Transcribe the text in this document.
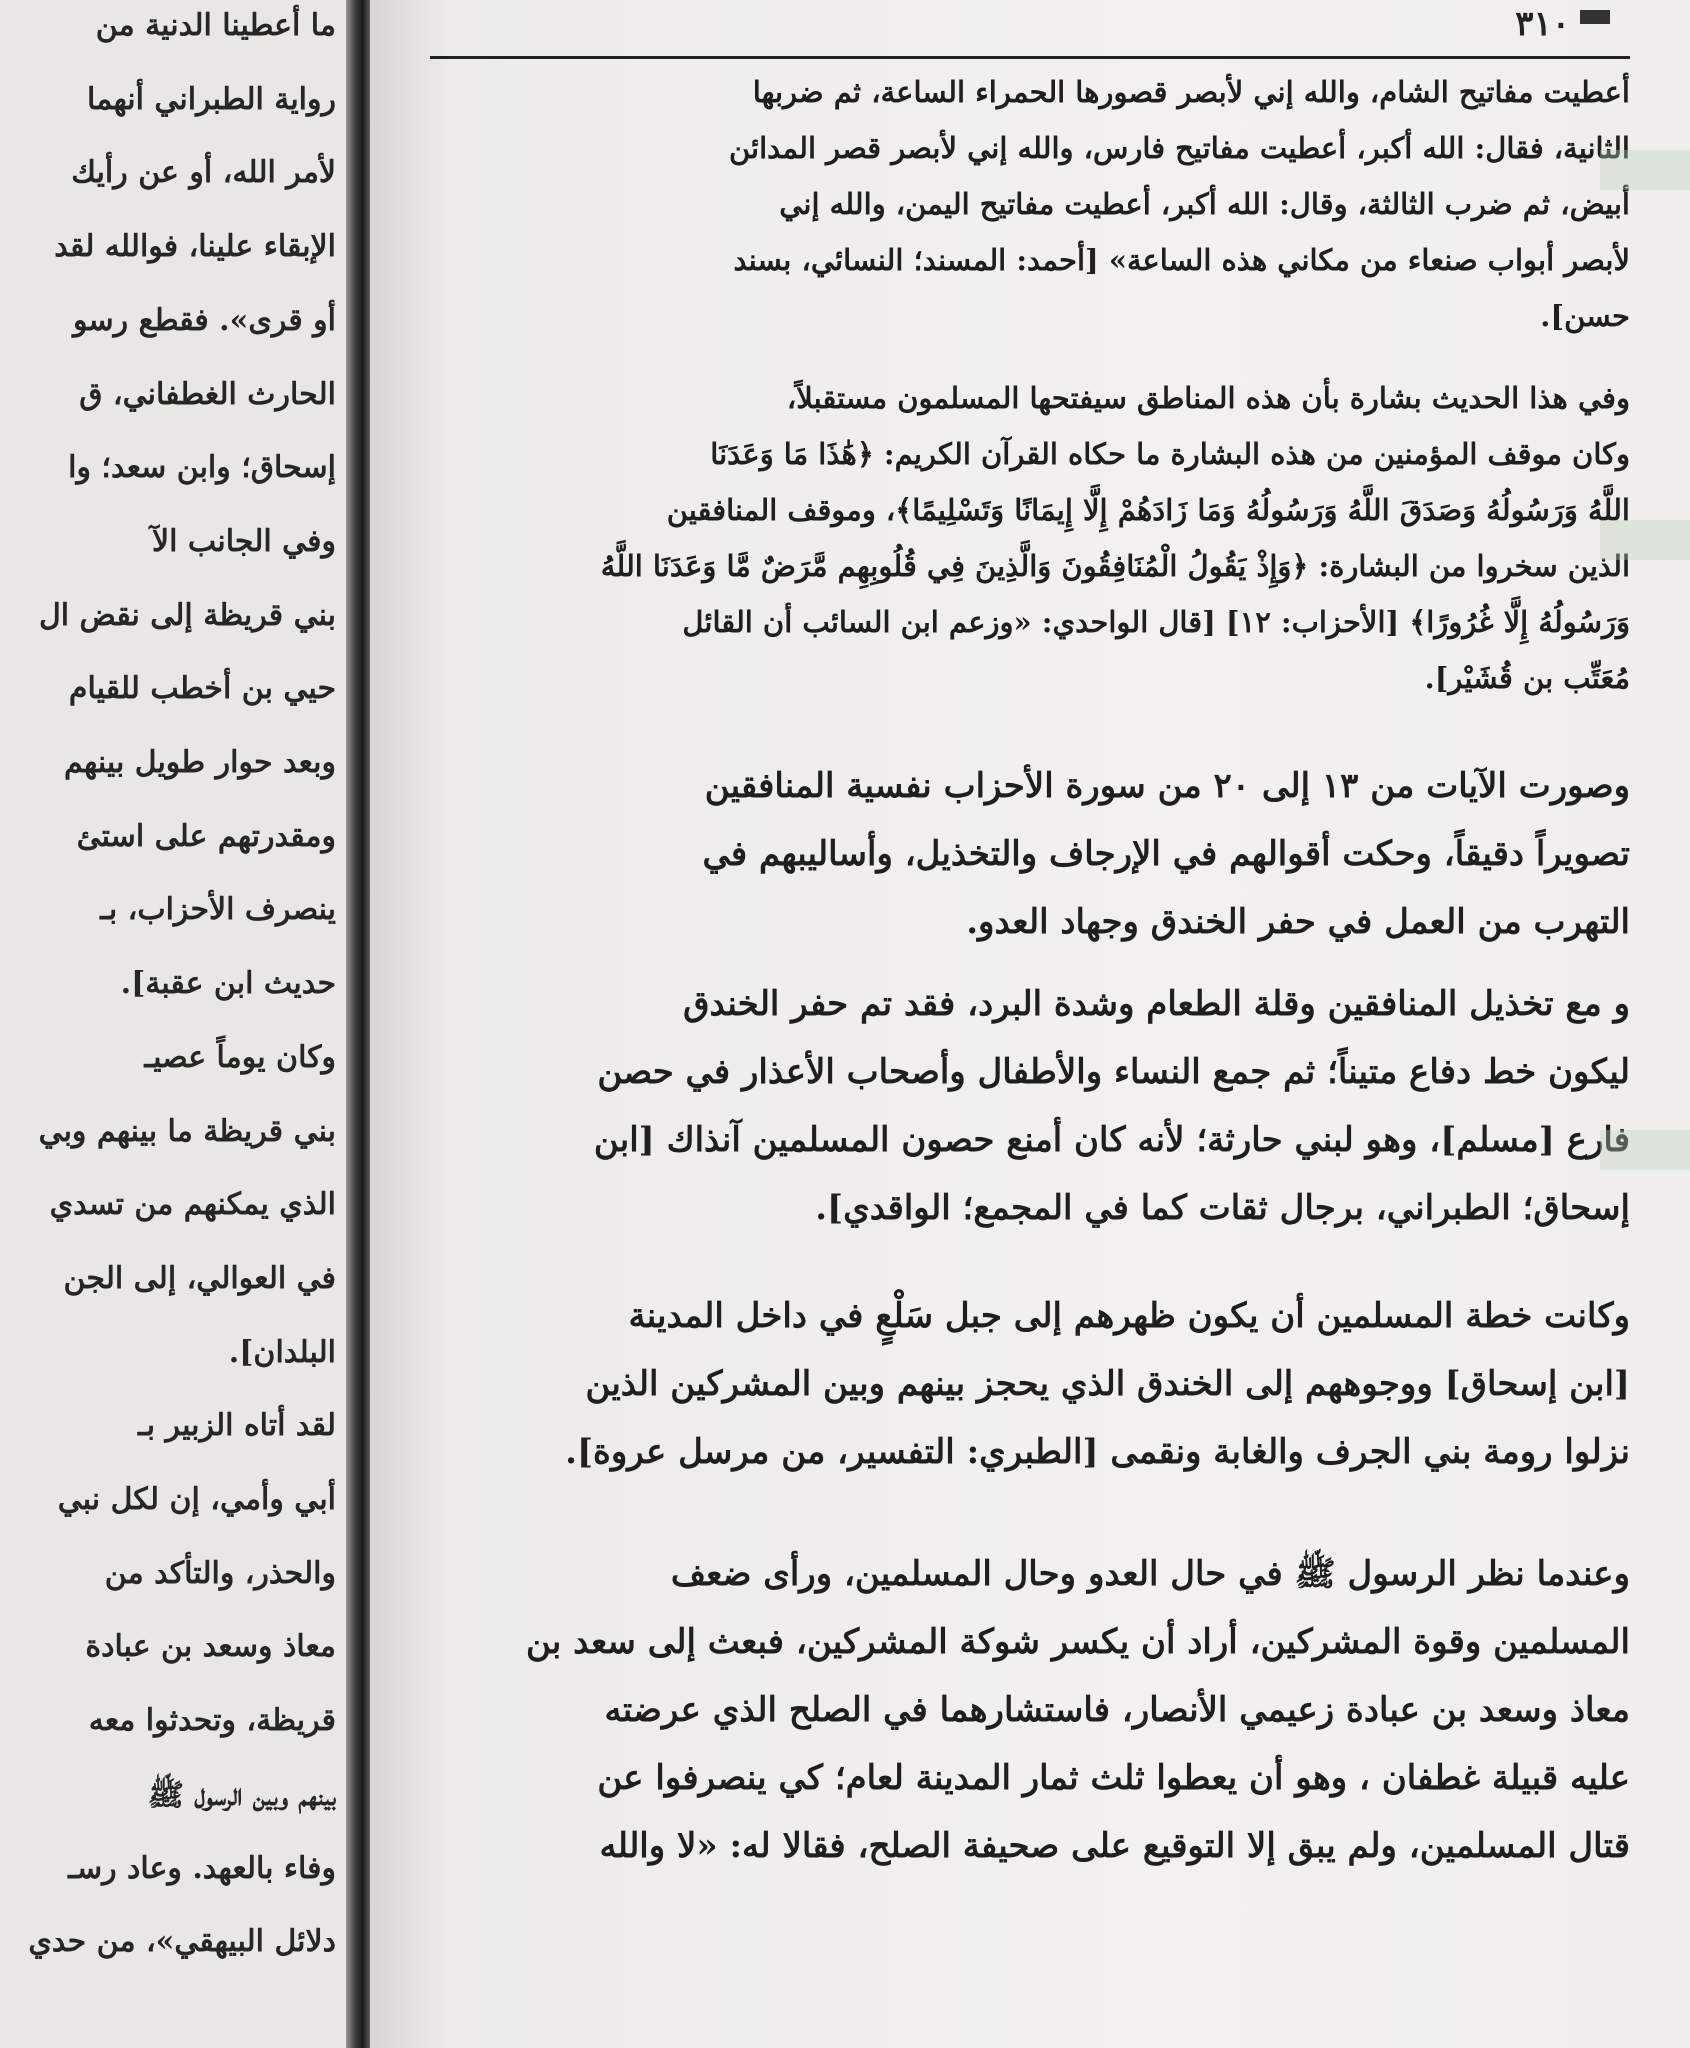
ما أعطينا الدنية من
رواية الطبراني أنهما
لأمر الله، أو عن رأيك
الإبقاء علينا، فوالله لقد
أو قرى». فقطع رسو
الحارث الغطفاني، ق
إسحاق؛ وابن سعد؛ وا
وفي الجانب الآ
بني قريظة إلى نقض ال
حيي بن أخطب للقيام
وبعد حوار طويل بينهم
ومقدرتهم على استئ
ينصرف الأحزاب، بـ
حديث ابن عقبة].
وكان يوماً عصيـ
بني قريظة ما بينهم وبي
الذي يمكنهم من تسدي
في العوالي، إلى الجن
البلدان].
لقد أتاه الزبير بـ
أبي وأمي، إن لكل نبي
والحذر، والتأكد من
معاذ وسعد بن عبادة
قريظة، وتحدثوا معه
بينهم وبين الرسول ﷺ
وفاء بالعهد. وعاد رسـ
دلائل البيهقي»، من حدي
٣١٠
أعطيت مفاتيح الشام، والله إني لأبصر قصورها الحمراء الساعة، ثم ضربها
الثانية، فقال: الله أكبر، أعطيت مفاتيح فارس، والله إني لأبصر قصر المدائن
أبيض، ثم ضرب الثالثة، وقال: الله أكبر، أعطيت مفاتيح اليمن، والله إني
لأبصر أبواب صنعاء من مكاني هذه الساعة» [أحمد: المسند؛ النسائي، بسند
حسن].
وفي هذا الحديث بشارة بأن هذه المناطق سيفتحها المسلمون مستقبلاً،
وكان موقف المؤمنين من هذه البشارة ما حكاه القرآن الكريم: ﴿هَٰذَا مَا وَعَدَنَا
اللَّهُ وَرَسُولُهُ وَصَدَقَ اللَّهُ وَرَسُولُهُ وَمَا زَادَهُمْ إِلَّا إِيمَانًا وَتَسْلِيمًا﴾، وموقف المنافقين
الذين سخروا من البشارة: ﴿وَإِذْ يَقُولُ الْمُنَافِقُونَ وَالَّذِينَ فِي قُلُوبِهِم مَّرَضٌ مَّا وَعَدَنَا اللَّهُ
وَرَسُولُهُ إِلَّا غُرُورًا﴾ [الأحزاب: ١٢] [قال الواحدي: «وزعم ابن السائب أن القائل
مُعَتِّب بن قُشَيْر].
وصورت الآيات من ١٣ إلى ٢٠ من سورة الأحزاب نفسية المنافقين
تصويراً دقيقاً، وحكت أقوالهم في الإرجاف والتخذيل، وأساليبهم في
التهرب من العمل في حفر الخندق وجهاد العدو.
و مع تخذيل المنافقين وقلة الطعام وشدة البرد، فقد تم حفر الخندق
ليكون خط دفاع متيناً؛ ثم جمع النساء والأطفال وأصحاب الأعذار في حصن
فارع [مسلم]، وهو لبني حارثة؛ لأنه كان أمنع حصون المسلمين آنذاك [ابن
إسحاق؛ الطبراني، برجال ثقات كما في المجمع؛ الواقدي].
وكانت خطة المسلمين أن يكون ظهرهم إلى جبل سَلْعٍ في داخل المدينة
[ابن إسحاق] ووجوههم إلى الخندق الذي يحجز بينهم وبين المشركين الذين
نزلوا رومة بني الجرف والغابة ونقمى [الطبري: التفسير، من مرسل عروة].
وعندما نظر الرسول ﷺ في حال العدو وحال المسلمين، ورأى ضعف
المسلمين وقوة المشركين، أراد أن يكسر شوكة المشركين، فبعث إلى سعد بن
معاذ وسعد بن عبادة زعيمي الأنصار، فاستشارهما في الصلح الذي عرضته
عليه قبيلة غطفان ، وهو أن يعطوا ثلث ثمار المدينة لعام؛ كي ينصرفوا عن
قتال المسلمين، ولم يبق إلا التوقيع على صحيفة الصلح، فقالا له: «لا والله
